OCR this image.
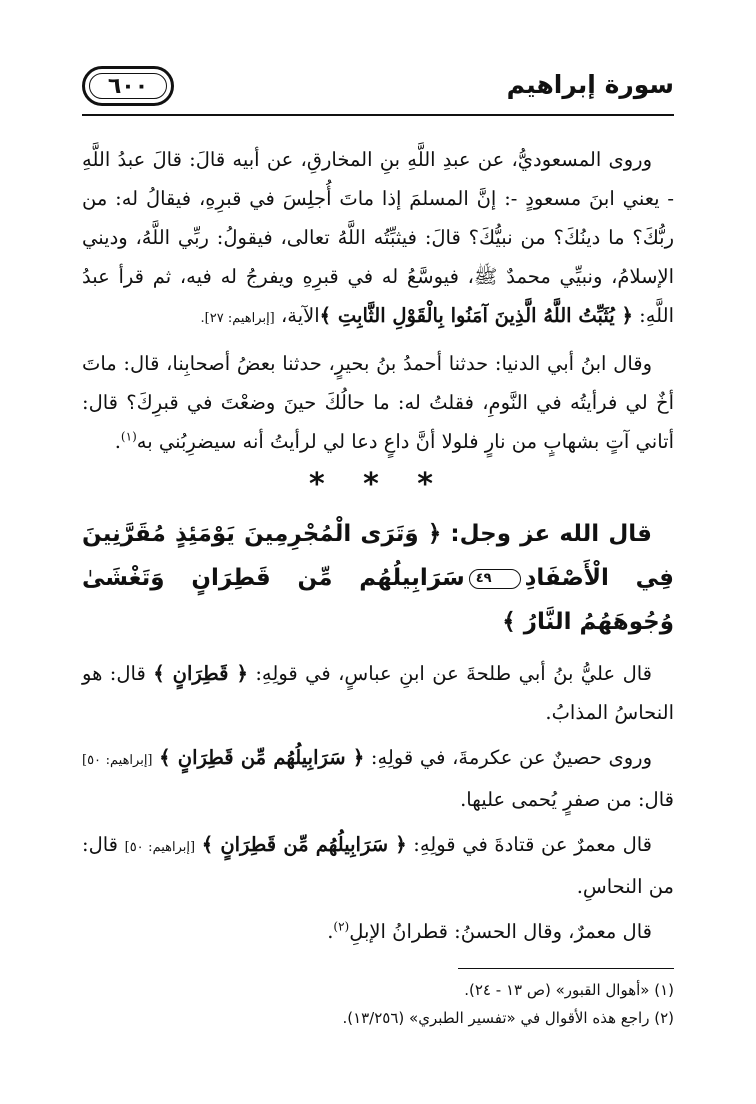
٦٠٠	سورة إبراهيم

وروى المسعوديُّ، عن عبدِ اللَّهِ بنِ المخارقِ، عن أبيه قالَ: قالَ عبدُ اللَّهِ - يعني ابنَ مسعودٍ -: إنَّ المسلمَ إذا ماتَ أُجلِسَ في قبرِهِ، فيقالُ له: من ربُّكَ؟ ما دينُكَ؟ من نبيُّكَ؟ قالَ: فيثبِّتُه اللَّهُ تعالى، فيقولُ: ربِّي اللَّهُ، وديني الإسلامُ، ونبيِّي محمدٌ ﷺ، فيوسَّعُ له في قبرِهِ ويفرجُ له فيه، ثم قرأ عبدُ اللَّهِ: ﴿ يُثَبِّتُ اللَّهُ الَّذِينَ آمَنُوا بِالْقَوْلِ الثَّابِتِ ﴾الآية، [إبراهيم: ٢٧].

وقال ابنُ أبي الدنيا: حدثنا أحمدُ بنُ بحيرٍ، حدثنا بعضُ أصحابِنا، قال: ماتَ أخٌ لي فرأيتُه في النَّومِ، فقلتُ له: ما حالُكَ حينَ وضعْتَ في قبرِكَ؟ قال: أتاني آتٍ بشهابٍ من نارٍ فلولا أنَّ داعٍ دعا لي لرأيتُ أنه سيضرِبُني به$^{(١)}$.

* * *

قال الله عز وجل: ﴿ وَتَرَى الْمُجْرِمِينَ يَوْمَئِذٍ مُقَرَّنِينَ فِي الْأَصْفَادِ٤٩سَرَابِيلُهُم مِّن قَطِرَانٍ وَتَغْشَىٰ وُجُوهَهُمُ النَّارُ ﴾

قال عليُّ بنُ أبي طلحةَ عن ابنِ عباسٍ، في قولِهِ: ﴿ قَطِرَانٍ ﴾ قال: هو النحاسُ المذابُ.

وروى حصينٌ عن عكرمةَ، في قولِهِ: ﴿ سَرَابِيلُهُم مِّن قَطِرَانٍ ﴾ [إبراهيم: ٥٠] قال: من صفرٍ يُحمى عليها.

قال معمرٌ عن قتادةَ في قولِهِ: ﴿ سَرَابِيلُهُم مِّن قَطِرَانٍ ﴾ [إبراهيم: ٥٠] قال: من النحاسِ.

قال معمرٌ، وقال الحسنُ: قطرانُ الإبلِ$^{(٢)}$.

(١) «أهوال القبور» (ص ١٣ - ٢٤).
(٢) راجع هذه الأقوال في «تفسير الطبري» (١٣/٢٥٦).
